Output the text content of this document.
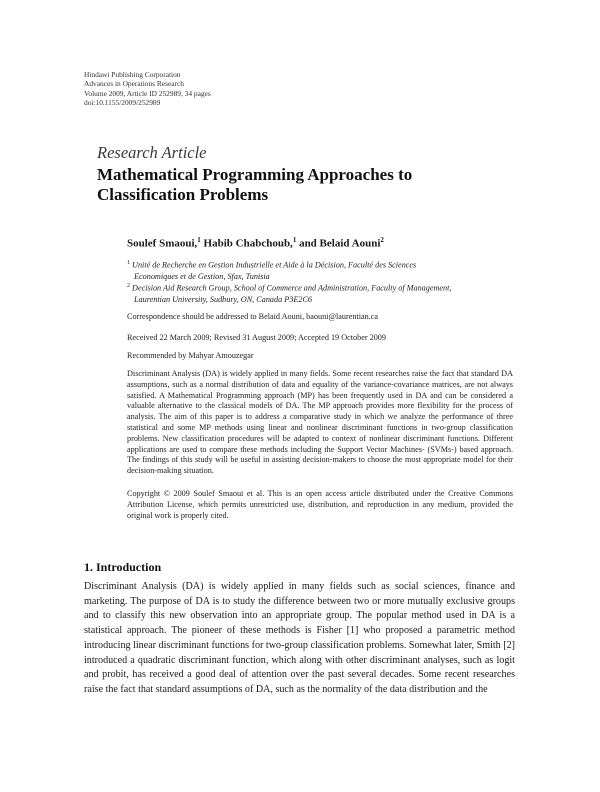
Hindawi Publishing Corporation
Advances in Operations Research
Volume 2009, Article ID 252989, 34 pages
doi:10.1155/2009/252989
Research Article
Mathematical Programming Approaches to Classification Problems
Soulef Smaoui,$^1$ Habib Chabchoub,$^1$ and Belaid Aouni$^2$
$^1$ Unité de Recherche en Gestion Industrielle et Aide à la Décision, Faculté des Sciences
Economiques et de Gestion, Sfax, Tunisia
$^2$ Decision Aid Research Group, School of Commerce and Administration, Faculty of Management,
Laurentian University, Sudbury, ON, Canada P3E2C6
Correspondence should be addressed to Belaid Aouni, baouni@laurentian.ca
Received 22 March 2009; Revised 31 August 2009; Accepted 19 October 2009
Recommended by Mahyar Amouzegar
Discriminant Analysis (DA) is widely applied in many fields. Some recent researches raise the fact that standard DA assumptions, such as a normal distribution of data and equality of the variance-covariance matrices, are not always satisfied. A Mathematical Programming approach (MP) has been frequently used in DA and can be considered a valuable alternative to the classical models of DA. The MP approach provides more flexibility for the process of analysis. The aim of this paper is to address a comparative study in which we analyze the performance of three statistical and some MP methods using linear and nonlinear discriminant functions in two-group classification problems. New classification procedures will be adapted to context of nonlinear discriminant functions. Different applications are used to compare these methods including the Support Vector Machines- (SVMs-) based approach. The findings of this study will be useful in assisting decision-makers to choose the most appropriate model for their decision-making situation.
Copyright © 2009 Soulef Smaoui et al. This is an open access article distributed under the Creative Commons Attribution License, which permits unrestricted use, distribution, and reproduction in any medium, provided the original work is properly cited.
1. Introduction
Discriminant Analysis (DA) is widely applied in many fields such as social sciences, finance and marketing. The purpose of DA is to study the difference between two or more mutually exclusive groups and to classify this new observation into an appropriate group. The popular method used in DA is a statistical approach. The pioneer of these methods is Fisher [1] who proposed a parametric method introducing linear discriminant functions for two-group classification problems. Somewhat later, Smith [2] introduced a quadratic discriminant function, which along with other discriminant analyses, such as logit and probit, has received a good deal of attention over the past several decades. Some recent researches raise the fact that standard assumptions of DA, such as the normality of the data distribution and the
